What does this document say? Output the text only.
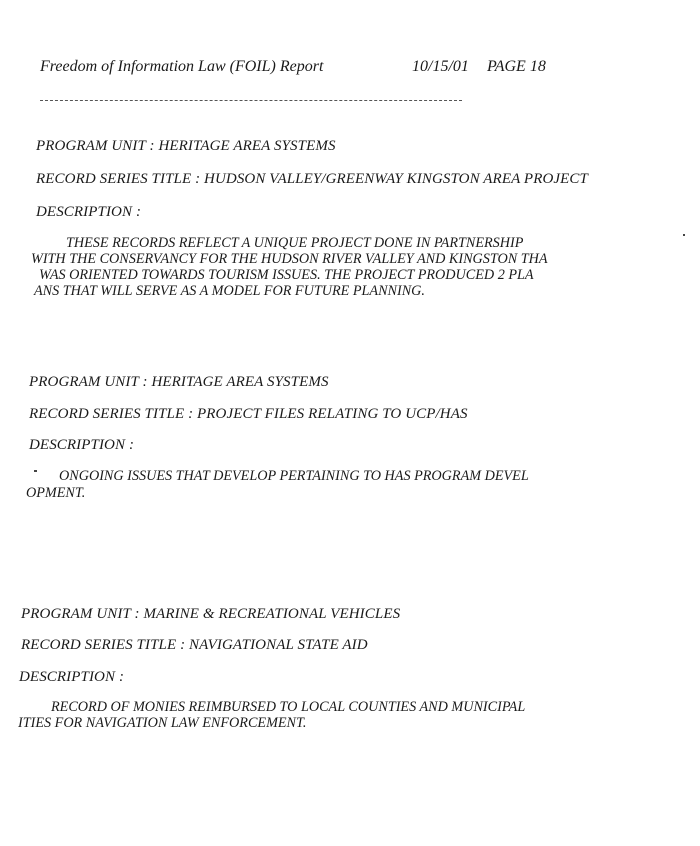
Freedom of Information Law (FOIL) Report	10/15/01 PAGE 18
PROGRAM UNIT : HERITAGE AREA SYSTEMS
RECORD SERIES TITLE : HUDSON VALLEY/GREENWAY KINGSTON AREA PROJECT
DESCRIPTION :
THESE RECORDS REFLECT A UNIQUE PROJECT DONE IN PARTNERSHIP
WITH THE CONSERVANCY FOR THE HUDSON RIVER VALLEY AND KINGSTON THA
WAS ORIENTED TOWARDS TOURISM ISSUES. THE PROJECT PRODUCED 2 PLA
ANS THAT WILL SERVE AS A MODEL FOR FUTURE PLANNING.
PROGRAM UNIT : HERITAGE AREA SYSTEMS
RECORD SERIES TITLE : PROJECT FILES RELATING TO UCP/HAS
DESCRIPTION :
ONGOING ISSUES THAT DEVELOP PERTAINING TO HAS PROGRAM DEVEL
OPMENT.
PROGRAM UNIT : MARINE & RECREATIONAL VEHICLES
RECORD SERIES TITLE : NAVIGATIONAL STATE AID
DESCRIPTION :
RECORD OF MONIES REIMBURSED TO LOCAL COUNTIES AND MUNICIPAL
ITIES FOR NAVIGATION LAW ENFORCEMENT.
